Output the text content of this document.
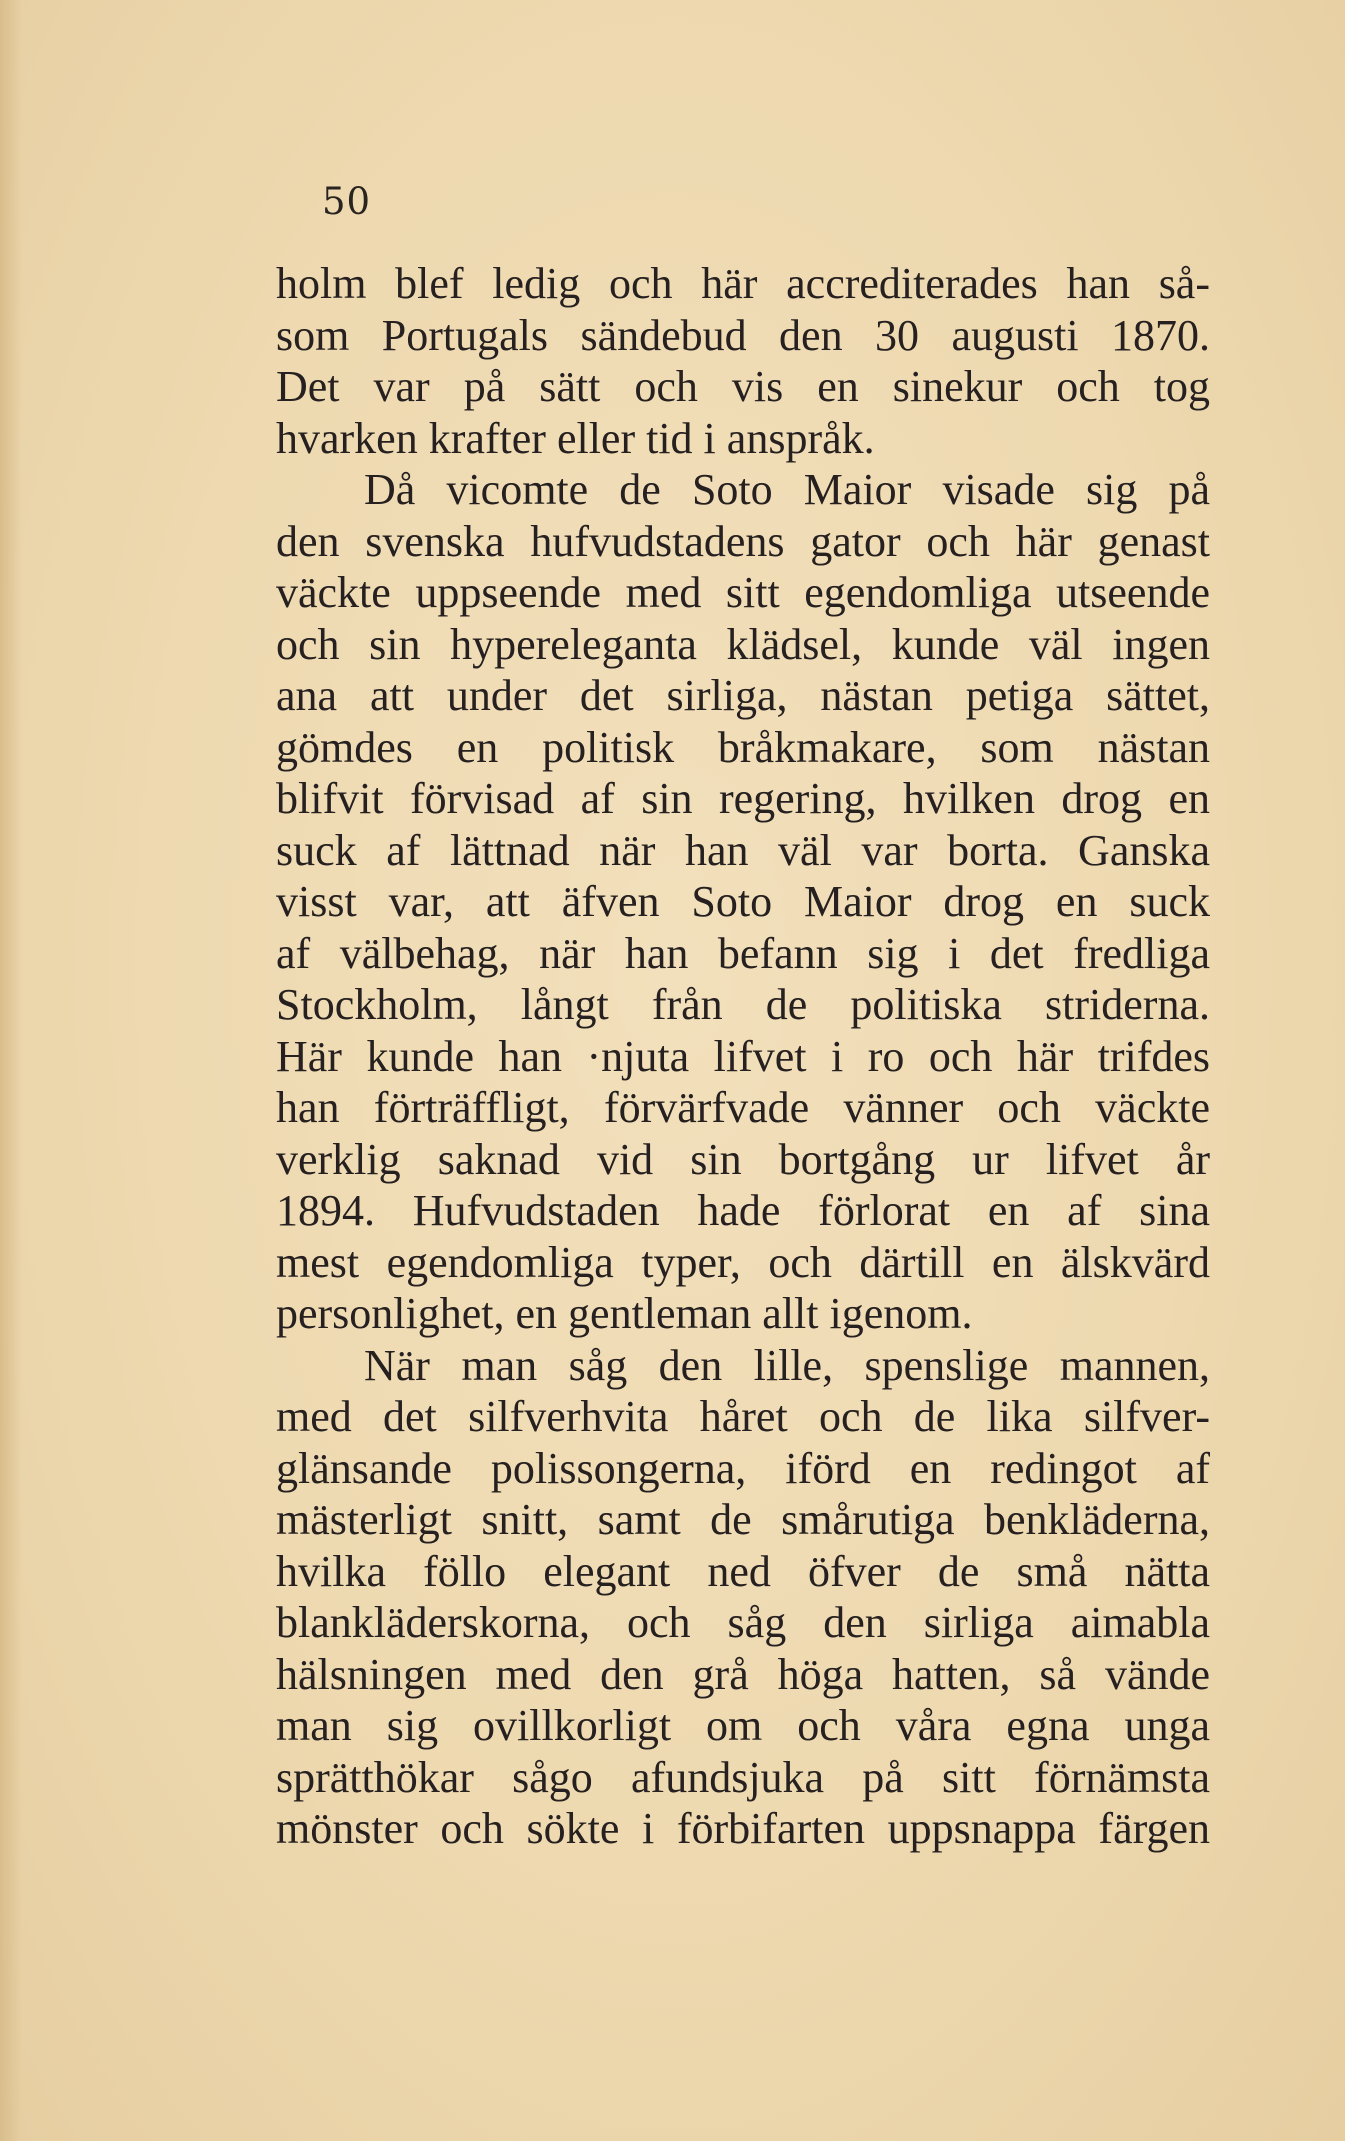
50
holm blef ledig och här accrediterades han så-
som Portugals sändebud den 30 augusti 1870.
Det var på sätt och vis en sinekur och tog
hvarken krafter eller tid i anspråk.
Då vicomte de Soto Maior visade sig på
den svenska hufvudstadens gator och här genast
väckte uppseende med sitt egendomliga utseende
och sin hypereleganta klädsel, kunde väl ingen
ana att under det sirliga, nästan petiga sättet,
gömdes en politisk bråkmakare, som nästan
blifvit förvisad af sin regering, hvilken drog en
suck af lättnad när han väl var borta. Ganska
visst var, att äfven Soto Maior drog en suck
af välbehag, när han befann sig i det fredliga
Stockholm, långt från de politiska striderna.
Här kunde han ·njuta lifvet i ro och här trifdes
han förträffligt, förvärfvade vänner och väckte
verklig saknad vid sin bortgång ur lifvet år
1894. Hufvudstaden hade förlorat en af sina
mest egendomliga typer, och därtill en älskvärd
personlighet, en gentleman allt igenom.
När man såg den lille, spenslige mannen,
med det silfverhvita håret och de lika silfver-
glänsande polissongerna, iförd en redingot af
mästerligt snitt, samt de smårutiga benkläderna,
hvilka föllo elegant ned öfver de små nätta
blankläderskorna, och såg den sirliga aimabla
hälsningen med den grå höga hatten, så vände
man sig ovillkorligt om och våra egna unga
sprätthökar sågo afundsjuka på sitt förnämsta
mönster och sökte i förbifarten uppsnappa färgen
